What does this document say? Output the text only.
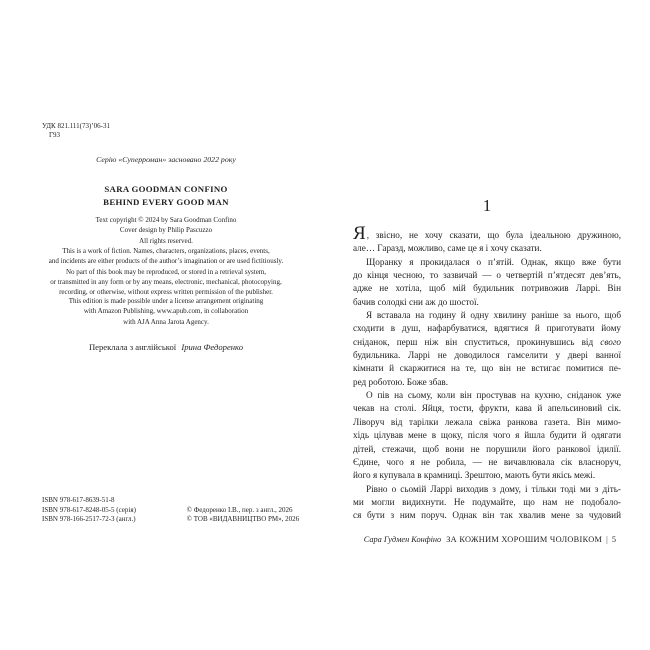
УДК 821.111(73)’06-31
Г93
Серію «Суперроман» засновано 2022 року
SARA GOODMAN CONFINO
BEHIND EVERY GOOD MAN
Text copyright © 2024 by Sara Goodman Confino
Cover design by Philip Pascuzzo
All rights reserved.
This is a work of fiction. Names, characters, organizations, places, events,
and incidents are either products of the author’s imagination or are used fictitiously.
No part of this book may be reproduced, or stored in a retrieval system,
or transmitted in any form or by any means, electronic, mechanical, photocopying,
recording, or otherwise, without express written permission of the publisher.
This edition is made possible under a license arrangement originating
with Amazon Publishing, www.apub.com, in collaboration
with AJA Anna Jarota Agency.
Переклала з англійської Ірина Федоренко
ISBN 978-617-8639-51-8
ISBN 978-617-8248-05-5 (серія)
ISBN 978-166-2517-72-3 (англ.)

© Федоренко І.В., пер. з англ., 2026
© ТОВ «ВИДАВНИЦТВО РМ», 2026
1
Я, звісно, не хочу сказати, що була ідеальною дружиною,
але… Гаразд, можливо, саме це я і хочу сказати.
Щоранку я прокидалася о п’ятій. Однак, якщо вже бути
до кінця чесною, то зазвичай — о четвертій п’ятдесят дев’ять,
адже не хотіла, щоб мій будильник потривожив Ларрі. Він
бачив солодкі сни аж до шостої.
Я вставала на годину й одну хвилину раніше за нього, щоб
сходити в душ, нафарбуватися, вдягтися й приготувати йому
сніданок, перш ніж він спуститься, прокинувшись від свого
будильника. Ларрі не доводилося гамселити у двері ванної
кімнати й скаржитися на те, що він не встигає помитися пе-
ред роботою. Боже збав.
О пів на сьому, коли він простував на кухню, сніданок уже
чекав на столі. Яйця, тости, фрукти, кава й апельсиновий сік.
Ліворуч від тарілки лежала свіжа ранкова газета. Він мимо-
хідь цілував мене в щоку, після чого я йшла будити й одягати
дітей, стежачи, щоб вони не порушили його ранкової ідилії.
Єдине, чого я не робила, — не вичавлювала сік власноруч,
його я купувала в крамниці. Зрештою, мають бути якісь межі.
Рівно о сьомій Ларрі виходив з дому, і тільки тоді ми з діть-
ми могли видихнути. Не подумайте, що нам не подобало-
ся бути з ним поруч. Однак він так хвалив мене за чудовий
Сара Гудмен Конфіно ЗА КОЖНИМ ХОРОШИМ ЧОЛОВІКОМ | 5
